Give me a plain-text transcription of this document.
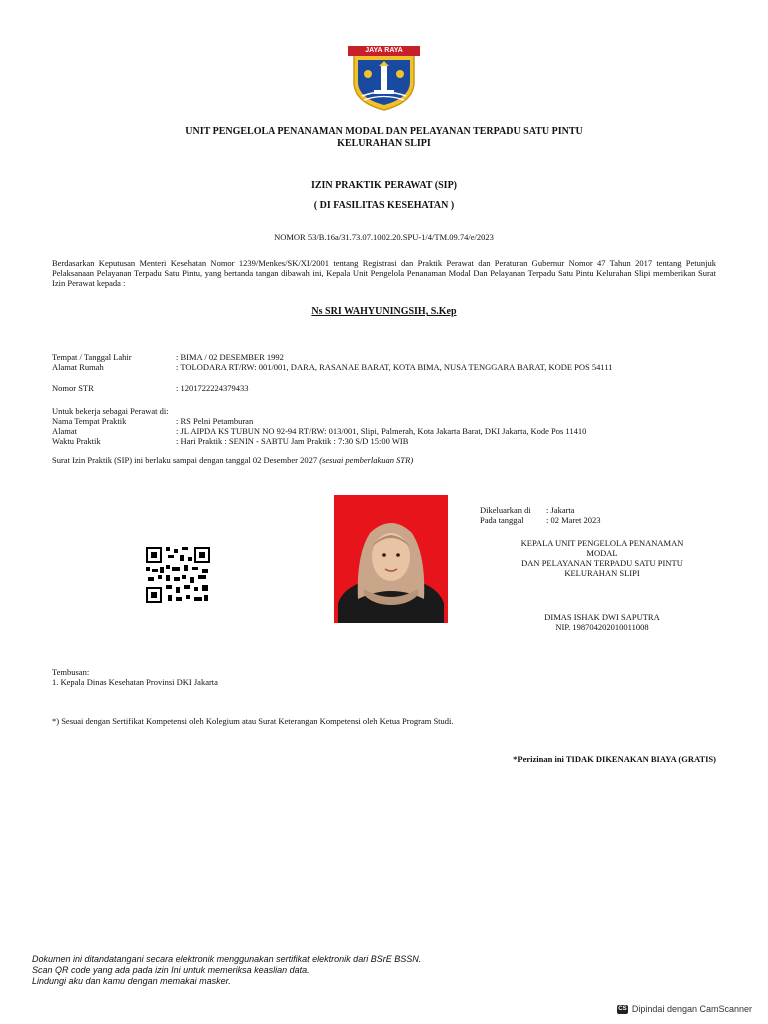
JAYA RAYA
UNIT PENGELOLA PENANAMAN MODAL DAN PELAYANAN TERPADU SATU PINTU
KELURAHAN SLIPI
IZIN PRAKTIK PERAWAT (SIP)
( DI FASILITAS KESEHATAN )
NOMOR 53/B.16a/31.73.07.1002.20.SPU-1/4/TM.09.74/e/2023
Berdasarkan Keputusan Menteri Kesehatan Nomor 1239/Menkes/SK/XI/2001 tentang Registrasi dan Praktik Perawat dan Peraturan Gubernur Nomor 47 Tahun 2017 tentang Petunjuk Pelaksanaan Pelayanan Terpadu Satu Pintu, yang bertanda tangan dibawah ini, Kepala Unit Pengelola Penanaman Modal Dan Pelayanan Terpadu Satu Pintu Kelurahan Slipi memberikan Surat Izin Perawat kepada :
Ns SRI WAHYUNINGSIH, S.Kep
Tempat / Tanggal Lahir	: BIMA / 02 DESEMBER 1992
Alamat Rumah	: TOLODARA RT/RW: 001/001, DARA, RASANAE BARAT, KOTA BIMA, NUSA TENGGARA BARAT, KODE POS 54111
Nomor STR	: 1201722224379433
Untuk bekerja sebagai Perawat di:
Nama Tempat Praktik	: RS Pelni Petamburan
Alamat	: JL AIPDA KS TUBUN NO 92-94 RT/RW: 013/001, Slipi, Palmerah, Kota Jakarta Barat, DKI Jakarta, Kode Pos 11410
Waktu Praktik	: Hari Praktik : SENIN - SABTU Jam Praktik : 7:30 S/D 15:00 WIB
Surat Izin Praktik (SIP) ini berlaku sampai dengan tanggal 02 Desember 2027 (sesuai pemberlakuan STR)
Dikeluarkan di : Jakarta
Pada tanggal	: 02 Maret 2023
KEPALA UNIT PENGELOLA PENANAMAN
MODAL
DAN PELAYANAN TERPADU SATU PINTU
KELURAHAN SLIPI
DIMAS ISHAK DWI SAPUTRA
NIP. 198704202010011008
Tembusan:
1. Kepala Dinas Kesehatan Provinsi DKI Jakarta
*) Sesuai dengan Sertifikat Kompetensi oleh Kolegium atau Surat Keterangan Kompetensi oleh Ketua Program Studi.
*Perizinan ini TIDAK DIKENAKAN BIAYA (GRATIS)
Dokumen ini ditandatangani secara elektronik menggunakan sertifikat elektronik dari BSrE BSSN.
Scan QR code yang ada pada izin Ini untuk memeriksa keaslian data.
Lindungi aku dan kamu dengan memakai masker.
CS Dipindai dengan CamScanner
